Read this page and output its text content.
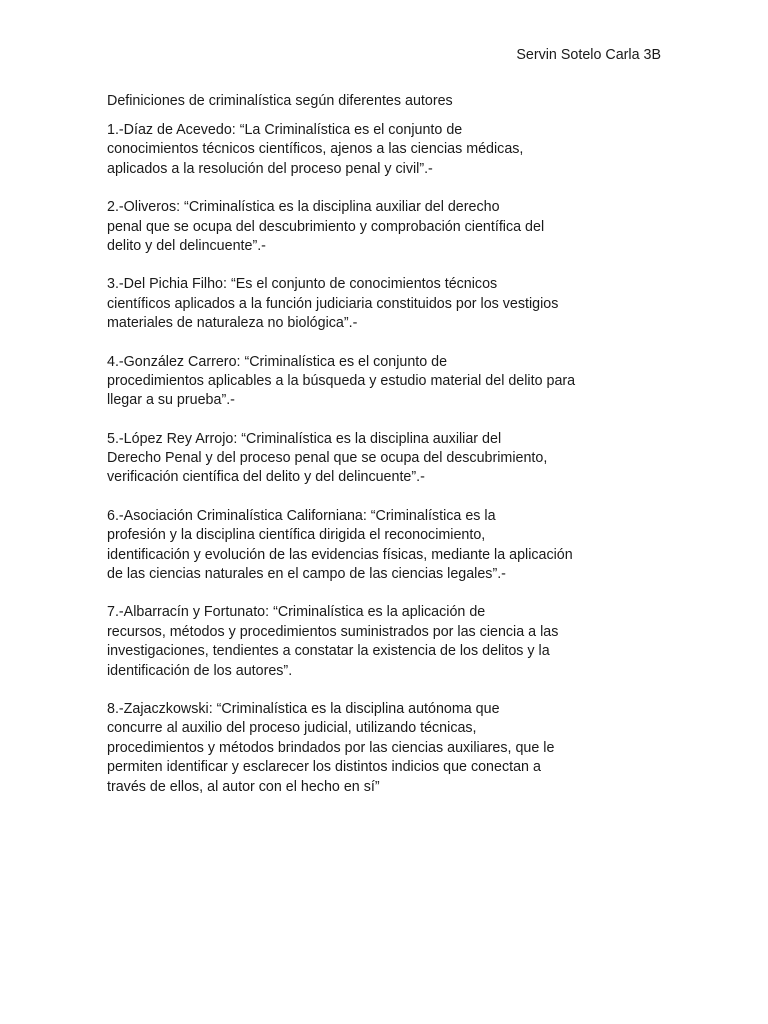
Servin Sotelo Carla 3B
Definiciones de criminalística según diferentes autores
1.-Díaz de Acevedo: “La Criminalística es el conjunto de
conocimientos técnicos científicos, ajenos a las ciencias médicas,
aplicados a la resolución del proceso penal y civil”.-
2.-Oliveros: “Criminalística es la disciplina auxiliar del derecho
penal que se ocupa del descubrimiento y comprobación científica del
delito y del delincuente”.-
3.-Del Pichia Filho: “Es el conjunto de conocimientos técnicos
científicos aplicados a la función judiciaria constituidos por los vestigios
materiales de naturaleza no biológica”.-
4.-González Carrero: “Criminalística es el conjunto de
procedimientos aplicables a la búsqueda y estudio material del delito para
llegar a su prueba”.-
5.-López Rey Arrojo: “Criminalística es la disciplina auxiliar del
Derecho Penal y del proceso penal que se ocupa del descubrimiento,
verificación científica del delito y del delincuente”.-
6.-Asociación Criminalística Californiana: “Criminalística es la
profesión y la disciplina científica dirigida el reconocimiento,
identificación y evolución de las evidencias físicas, mediante la aplicación
de las ciencias naturales en el campo de las ciencias legales”.-
7.-Albarracín y Fortunato: “Criminalística es la aplicación de
recursos, métodos y procedimientos suministrados por las ciencia a las
investigaciones, tendientes a constatar la existencia de los delitos y la
identificación de los autores”.
8.-Zajaczkowski: “Criminalística es la disciplina autónoma que
concurre al auxilio del proceso judicial, utilizando técnicas,
procedimientos y métodos brindados por las ciencias auxiliares, que le
permiten identificar y esclarecer los distintos indicios que conectan a
través de ellos, al autor con el hecho en sí”
